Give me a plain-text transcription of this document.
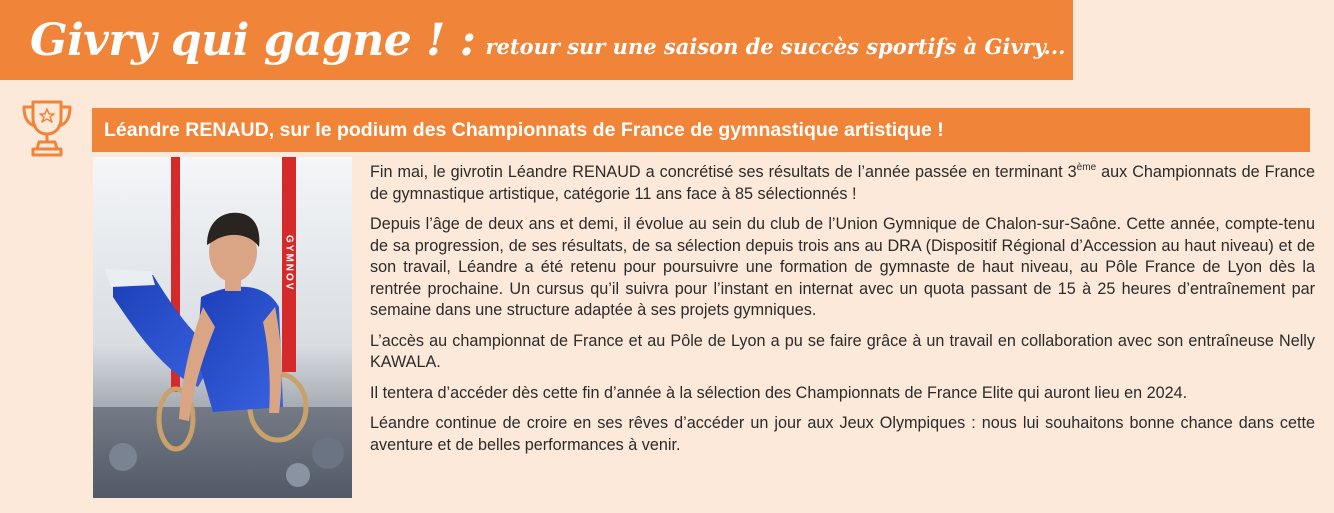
Givry qui gagne ! : retour sur une saison de succès sportifs à Givry...
Léandre RENAUD, sur le podium des Championnats de France de gymnastique artistique !
GYMNOV

Fin mai, le givrotin Léandre RENAUD a concrétisé ses résultats de l’année passée en terminant 3ème aux Championnats de France de gymnastique artistique, catégorie 11 ans face à 85 sélectionnés !

Depuis l’âge de deux ans et demi, il évolue au sein du club de l’Union Gymnique de Chalon-sur-Saône. Cette année, compte-tenu de sa progression, de ses résultats, de sa sélection depuis trois ans au DRA (Dispositif Régional d’Accession au haut niveau) et de son travail, Léandre a été retenu pour poursuivre une formation de gymnaste de haut niveau, au Pôle France de Lyon dès la rentrée prochaine. Un cursus qu’il suivra pour l’instant en internat avec un quota passant de 15 à 25 heures d’entraînement par semaine dans une structure adaptée à ses projets gymniques.

L’accès au championnat de France et au Pôle de Lyon a pu se faire grâce à un travail en collaboration avec son entraîneuse Nelly KAWALA.

Il tentera d’accéder dès cette fin d’année à la sélection des Championnats de France Elite qui auront lieu en 2024.

Léandre continue de croire en ses rêves d’accéder un jour aux Jeux Olympiques : nous lui souhaitons bonne chance dans cette aventure et de belles performances à venir.
